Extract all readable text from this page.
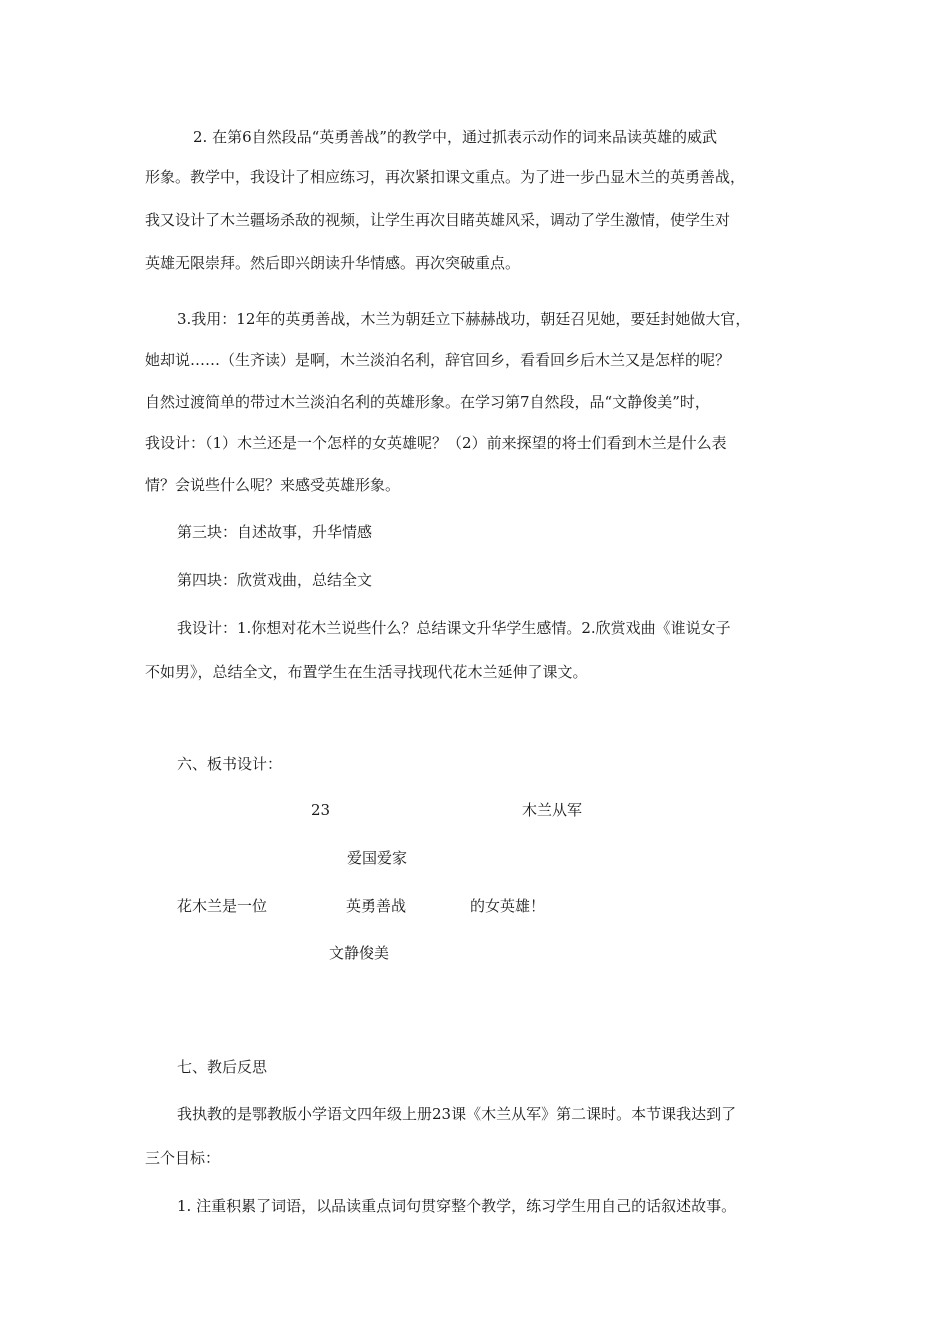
2. 在第6自然段品“英勇善战”的教学中，通过抓表示动作的词来品读英雄的威武
形象。教学中，我设计了相应练习，再次紧扣课文重点。为了进一步凸显木兰的英勇善战，
我又设计了木兰疆场杀敌的视频，让学生再次目睹英雄风采，调动了学生激情，使学生对
英雄无限崇拜。然后即兴朗读升华情感。再次突破重点。
3.我用：12年的英勇善战，木兰为朝廷立下赫赫战功，朝廷召见她，要廷封她做大官，
她却说……（生齐读）是啊，木兰淡泊名利，辞官回乡，看看回乡后木兰又是怎样的呢？
自然过渡简单的带过木兰淡泊名利的英雄形象。在学习第7自然段，品“文静俊美”时，
我设计：（1）木兰还是一个怎样的女英雄呢？（2）前来探望的将士们看到木兰是什么表
情？会说些什么呢？来感受英雄形象。
第三块：自述故事，升华情感
第四块：欣赏戏曲，总结全文
我设计：1.你想对花木兰说些什么？总结课文升华学生感情。2.欣赏戏曲《谁说女子
不如男》，总结全文，布置学生在生活寻找现代花木兰延伸了课文。
六、板书设计：
23	木兰从军
爱国爱家
花木兰是一位	英勇善战	的女英雄！
文静俊美
七、教后反思
我执教的是鄂教版小学语文四年级上册23课《木兰从军》第二课时。本节课我达到了
三个目标：
1. 注重积累了词语，以品读重点词句贯穿整个教学，练习学生用自己的话叙述故事。
